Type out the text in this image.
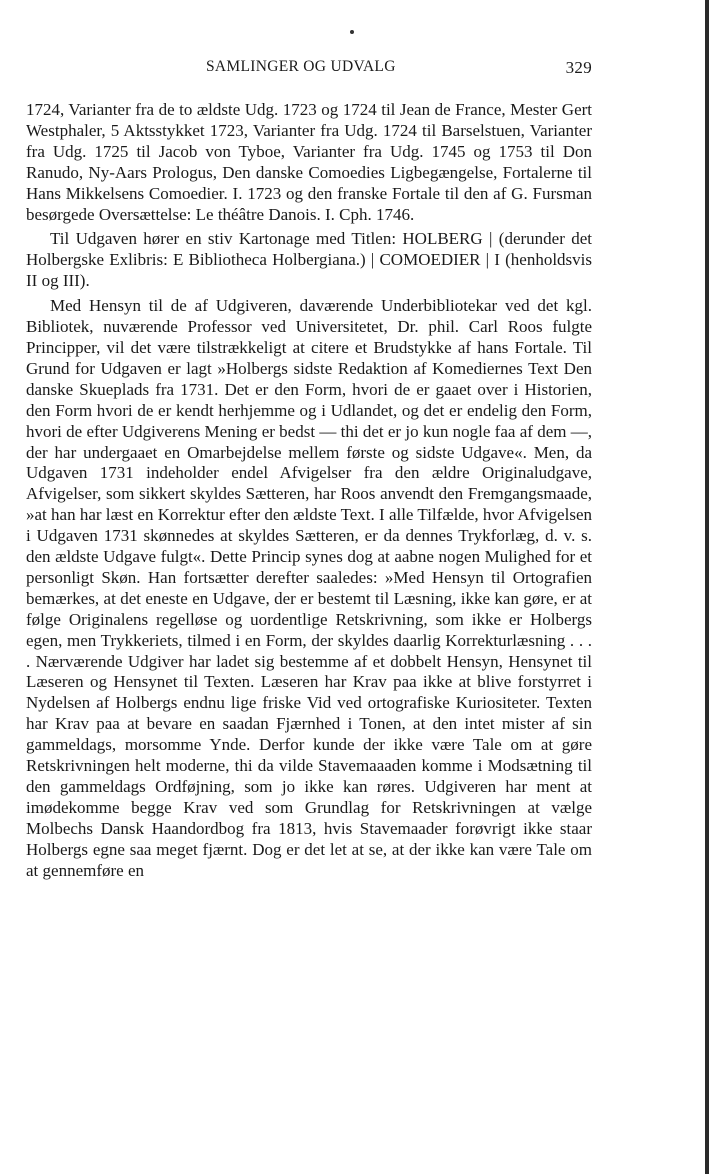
SAMLINGER OG UDVALG	329

1724, Varianter fra de to ældste Udg. 1723 og 1724 til Jean de France, Mester Gert Westphaler, 5 Aktsstykket 1723, Varianter fra Udg. 1724 til Barselstuen, Varianter fra Udg. 1725 til Jacob von Tyboe, Varianter fra Udg. 1745 og 1753 til Don Ranudo, Ny-Aars Prologus, Den danske Comoedies Ligbegængelse, Fortalerne til Hans Mikkelsens Comoedier. I. 1723 og den franske Fortale til den af G. Fursman besørgede Oversættelse: Le théâtre Danois. I. Cph. 1746.

Til Udgaven hører en stiv Kartonage med Titlen: HOLBERG | (derunder det Holbergske Exlibris: E Bibliotheca Holbergiana.) | COMOEDIER | I (henholdsvis II og III).

Med Hensyn til de af Udgiveren, daværende Underbibliotekar ved det kgl. Bibliotek, nuværende Professor ved Universitetet, Dr. phil. Carl Roos fulgte Principper, vil det være tilstrækkeligt at citere et Brudstykke af hans Fortale. Til Grund for Udgaven er lagt »Holbergs sidste Redaktion af Komediernes Text Den danske Skueplads fra 1731. Det er den Form, hvori de er gaaet over i Historien, den Form hvori de er kendt herhjemme og i Udlandet, og det er endelig den Form, hvori de efter Udgiverens Mening er bedst — thi det er jo kun nogle faa af dem —, der har undergaaet en Omarbejdelse mellem første og sidste Udgave«. Men, da Udgaven 1731 indeholder endel Afvigelser fra den ældre Originaludgave, Afvigelser, som sikkert skyldes Sætteren, har Roos anvendt den Fremgangsmaade, »at han har læst en Korrektur efter den ældste Text. I alle Tilfælde, hvor Afvigelsen i Udgaven 1731 skønnedes at skyldes Sætteren, er da dennes Trykforlæg, d. v. s. den ældste Udgave fulgt«. Dette Princip synes dog at aabne nogen Mulighed for et personligt Skøn. Han fortsætter derefter saaledes: »Med Hensyn til Ortografien bemærkes, at det eneste en Udgave, der er bestemt til Læsning, ikke kan gøre, er at følge Originalens regelløse og uordentlige Retskrivning, som ikke er Holbergs egen, men Trykkeriets, tilmed i en Form, der skyldes daarlig Korrekturlæsning . . . . Nærværende Udgiver har ladet sig bestemme af et dobbelt Hensyn, Hensynet til Læseren og Hensynet til Texten. Læseren har Krav paa ikke at blive forstyrret i Nydelsen af Holbergs endnu lige friske Vid ved ortografiske Kuriositeter. Texten har Krav paa at bevare en saadan Fjærnhed i Tonen, at den intet mister af sin gammeldags, morsomme Ynde. Derfor kunde der ikke være Tale om at gøre Retskrivningen helt moderne, thi da vilde Stavemaaaden komme i Modsætning til den gammeldags Ordføjning, som jo ikke kan røres. Udgiveren har ment at imødekomme begge Krav ved som Grundlag for Retskrivningen at vælge Molbechs Dansk Haandordbog fra 1813, hvis Stavemaader forøvrigt ikke staar Holbergs egne saa meget fjærnt. Dog er det let at se, at der ikke kan være Tale om at gennemføre en
